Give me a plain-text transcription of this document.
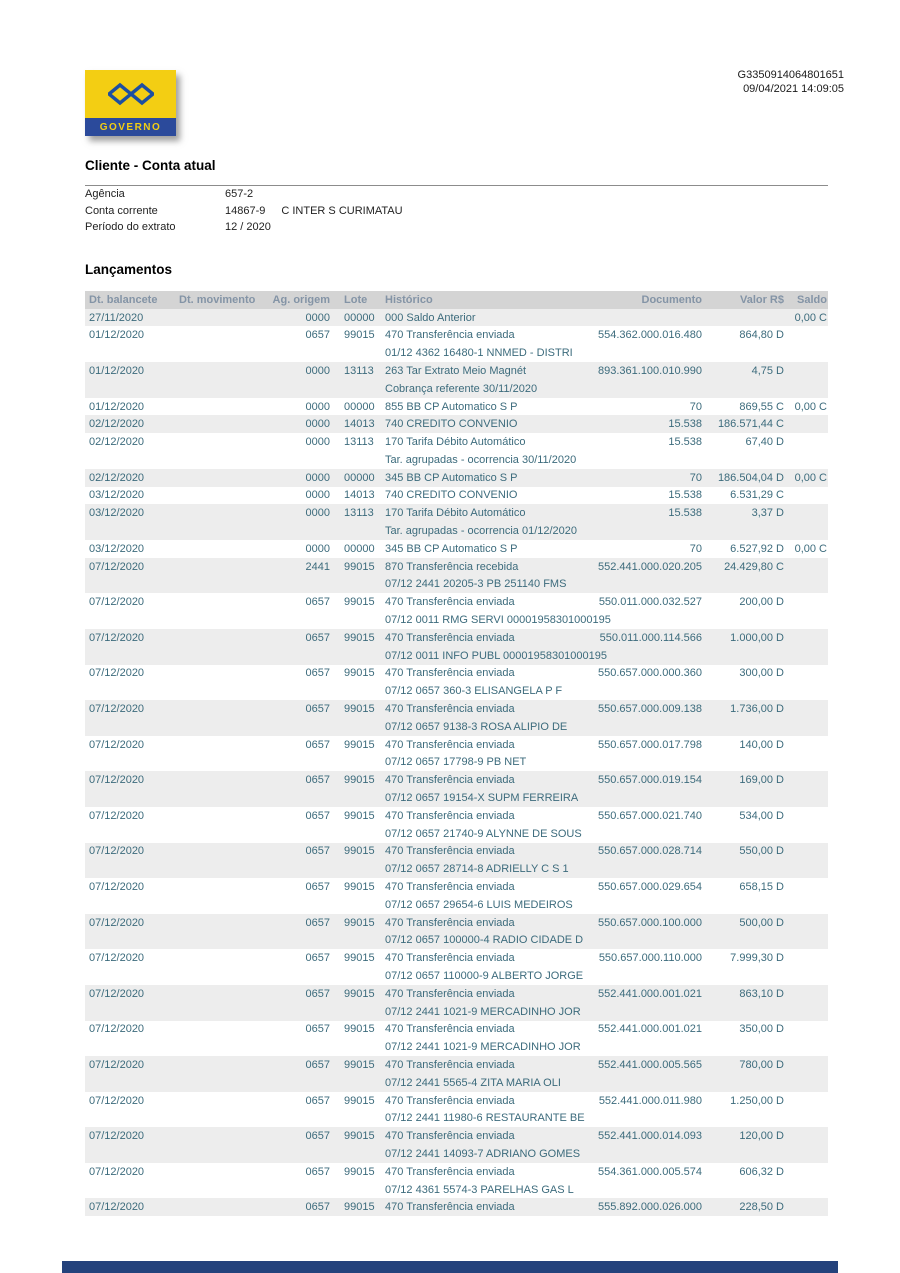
G3350914064801651
09/04/2021 14:09:05
GOVERNO
Cliente - Conta atual
Agência	657-2
Conta corrente	14867-9 C INTER S CURIMATAU
Período do extrato	12 / 2020
Lançamentos
Dt. balancete	Dt. movimento	Ag. origem	Lote	Histórico	Documento	Valor R$	Saldo
27/11/2020		0000	00000	000 Saldo Anterior			0,00 C
01/12/2020		0657	99015	470 Transferência enviada	554.362.000.016.480	864,80 D	
				01/12 4362 16480-1 NNMED - DISTRI			
01/12/2020		0000	13113	263 Tar Extrato Meio Magnét	893.361.100.010.990	4,75 D	
				Cobrança referente 30/11/2020			
01/12/2020		0000	00000	855 BB CP Automatico S P	70	869,55 C	0,00 C
02/12/2020		0000	14013	740 CREDITO CONVENIO	15.538	186.571,44 C	
02/12/2020		0000	13113	170 Tarifa Débito Automático	15.538	67,40 D	
				Tar. agrupadas - ocorrencia 30/11/2020			
02/12/2020		0000	00000	345 BB CP Automatico S P	70	186.504,04 D	0,00 C
03/12/2020		0000	14013	740 CREDITO CONVENIO	15.538	6.531,29 C	
03/12/2020		0000	13113	170 Tarifa Débito Automático	15.538	3,37 D	
				Tar. agrupadas - ocorrencia 01/12/2020			
03/12/2020		0000	00000	345 BB CP Automatico S P	70	6.527,92 D	0,00 C
07/12/2020		2441	99015	870 Transferência recebida	552.441.000.020.205	24.429,80 C	
				07/12 2441 20205-3 PB 251140 FMS			
07/12/2020		0657	99015	470 Transferência enviada	550.011.000.032.527	200,00 D	
				07/12 0011 RMG SERVI 00001958301000195			
07/12/2020		0657	99015	470 Transferência enviada	550.011.000.114.566	1.000,00 D	
				07/12 0011 INFO PUBL 00001958301000195			
07/12/2020		0657	99015	470 Transferência enviada	550.657.000.000.360	300,00 D	
				07/12 0657 360-3 ELISANGELA P F			
07/12/2020		0657	99015	470 Transferência enviada	550.657.000.009.138	1.736,00 D	
				07/12 0657 9138-3 ROSA ALIPIO DE			
07/12/2020		0657	99015	470 Transferência enviada	550.657.000.017.798	140,00 D	
				07/12 0657 17798-9 PB NET			
07/12/2020		0657	99015	470 Transferência enviada	550.657.000.019.154	169,00 D	
				07/12 0657 19154-X SUPM FERREIRA			
07/12/2020		0657	99015	470 Transferência enviada	550.657.000.021.740	534,00 D	
				07/12 0657 21740-9 ALYNNE DE SOUS			
07/12/2020		0657	99015	470 Transferência enviada	550.657.000.028.714	550,00 D	
				07/12 0657 28714-8 ADRIELLY C S 1			
07/12/2020		0657	99015	470 Transferência enviada	550.657.000.029.654	658,15 D	
				07/12 0657 29654-6 LUIS MEDEIROS			
07/12/2020		0657	99015	470 Transferência enviada	550.657.000.100.000	500,00 D	
				07/12 0657 100000-4 RADIO CIDADE D			
07/12/2020		0657	99015	470 Transferência enviada	550.657.000.110.000	7.999,30 D	
				07/12 0657 110000-9 ALBERTO JORGE			
07/12/2020		0657	99015	470 Transferência enviada	552.441.000.001.021	863,10 D	
				07/12 2441 1021-9 MERCADINHO JOR			
07/12/2020		0657	99015	470 Transferência enviada	552.441.000.001.021	350,00 D	
				07/12 2441 1021-9 MERCADINHO JOR			
07/12/2020		0657	99015	470 Transferência enviada	552.441.000.005.565	780,00 D	
				07/12 2441 5565-4 ZITA MARIA OLI			
07/12/2020		0657	99015	470 Transferência enviada	552.441.000.011.980	1.250,00 D	
				07/12 2441 11980-6 RESTAURANTE BE			
07/12/2020		0657	99015	470 Transferência enviada	552.441.000.014.093	120,00 D	
				07/12 2441 14093-7 ADRIANO GOMES			
07/12/2020		0657	99015	470 Transferência enviada	554.361.000.005.574	606,32 D	
				07/12 4361 5574-3 PARELHAS GAS L			
07/12/2020		0657	99015	470 Transferência enviada	555.892.000.026.000	228,50 D	
